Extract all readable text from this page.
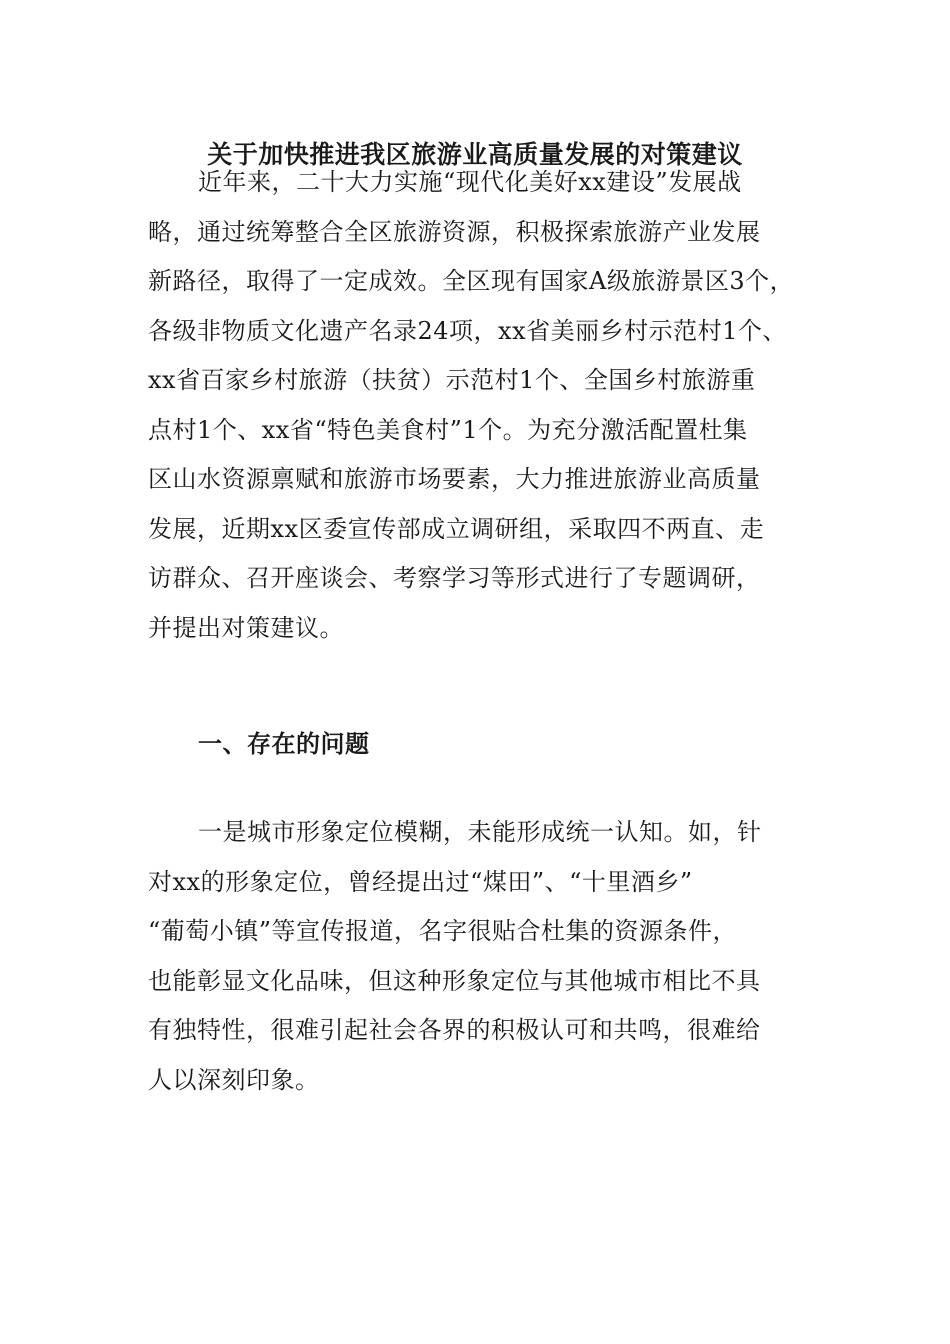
关于加快推进我区旅游业高质量发展的对策建议
近年来，二十大力实施“现代化美好xx建设”发展战
略，通过统筹整合全区旅游资源，积极探索旅游产业发展
新路径，取得了一定成效。全区现有国家A级旅游景区3个，
各级非物质文化遗产名录24项，xx省美丽乡村示范村1个、
xx省百家乡村旅游（扶贫）示范村1个、全国乡村旅游重
点村1个、xx省“特色美食村”1个。为充分激活配置杜集
区山水资源禀赋和旅游市场要素，大力推进旅游业高质量
发展，近期xx区委宣传部成立调研组，采取四不两直、走
访群众、召开座谈会、考察学习等形式进行了专题调研，
并提出对策建议。
一、存在的问题
一是城市形象定位模糊，未能形成统一认知。如，针
对xx的形象定位，曾经提出过“煤田”、“十里酒乡”
“葡萄小镇”等宣传报道，名字很贴合杜集的资源条件，
也能彰显文化品味，但这种形象定位与其他城市相比不具
有独特性，很难引起社会各界的积极认可和共鸣，很难给
人以深刻印象。
